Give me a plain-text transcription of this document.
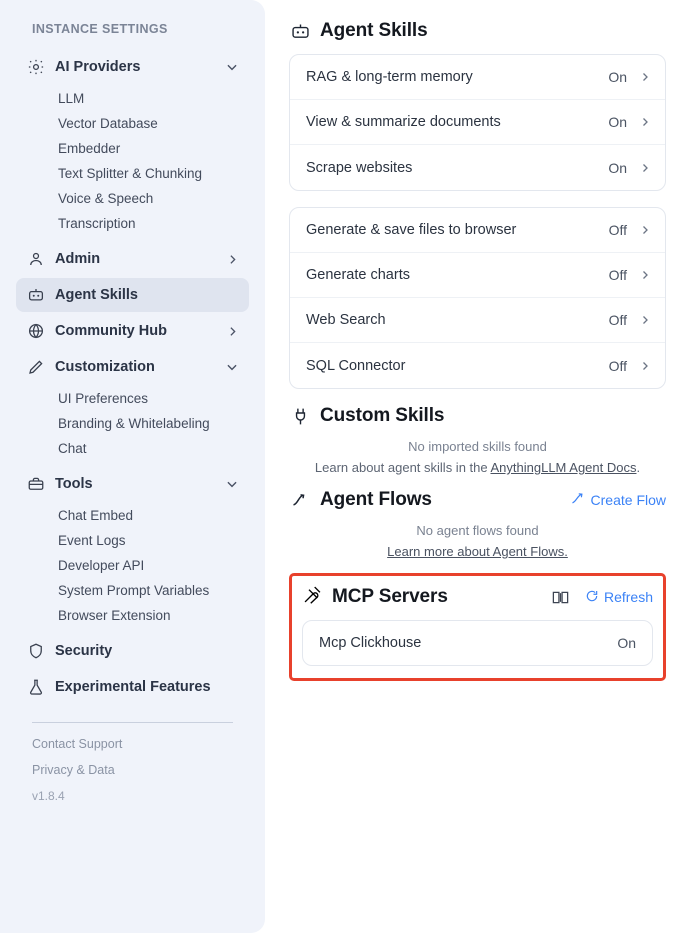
INSTANCE SETTINGS
AI Providers
LLM
Vector Database
Embedder
Text Splitter & Chunking
Voice & Speech
Transcription
Admin
Agent Skills
Community Hub
Customization
UI Preferences
Branding & Whitelabeling
Chat
Tools
Chat Embed
Event Logs
Developer API
System Prompt Variables
Browser Extension
Security
Experimental Features
Contact Support
Privacy & Data
v1.8.4
Agent Skills
RAG & long-term memory	On
View & summarize documents	On
Scrape websites	On
Generate & save files to browser	Off
Generate charts	Off
Web Search	Off
SQL Connector	Off
Custom Skills
No imported skills found
Learn about agent skills in the AnythingLLM Agent Docs.
Agent Flows	Create Flow
No agent flows found
Learn more about Agent Flows.
MCP Servers	Refresh
Mcp Clickhouse	On
